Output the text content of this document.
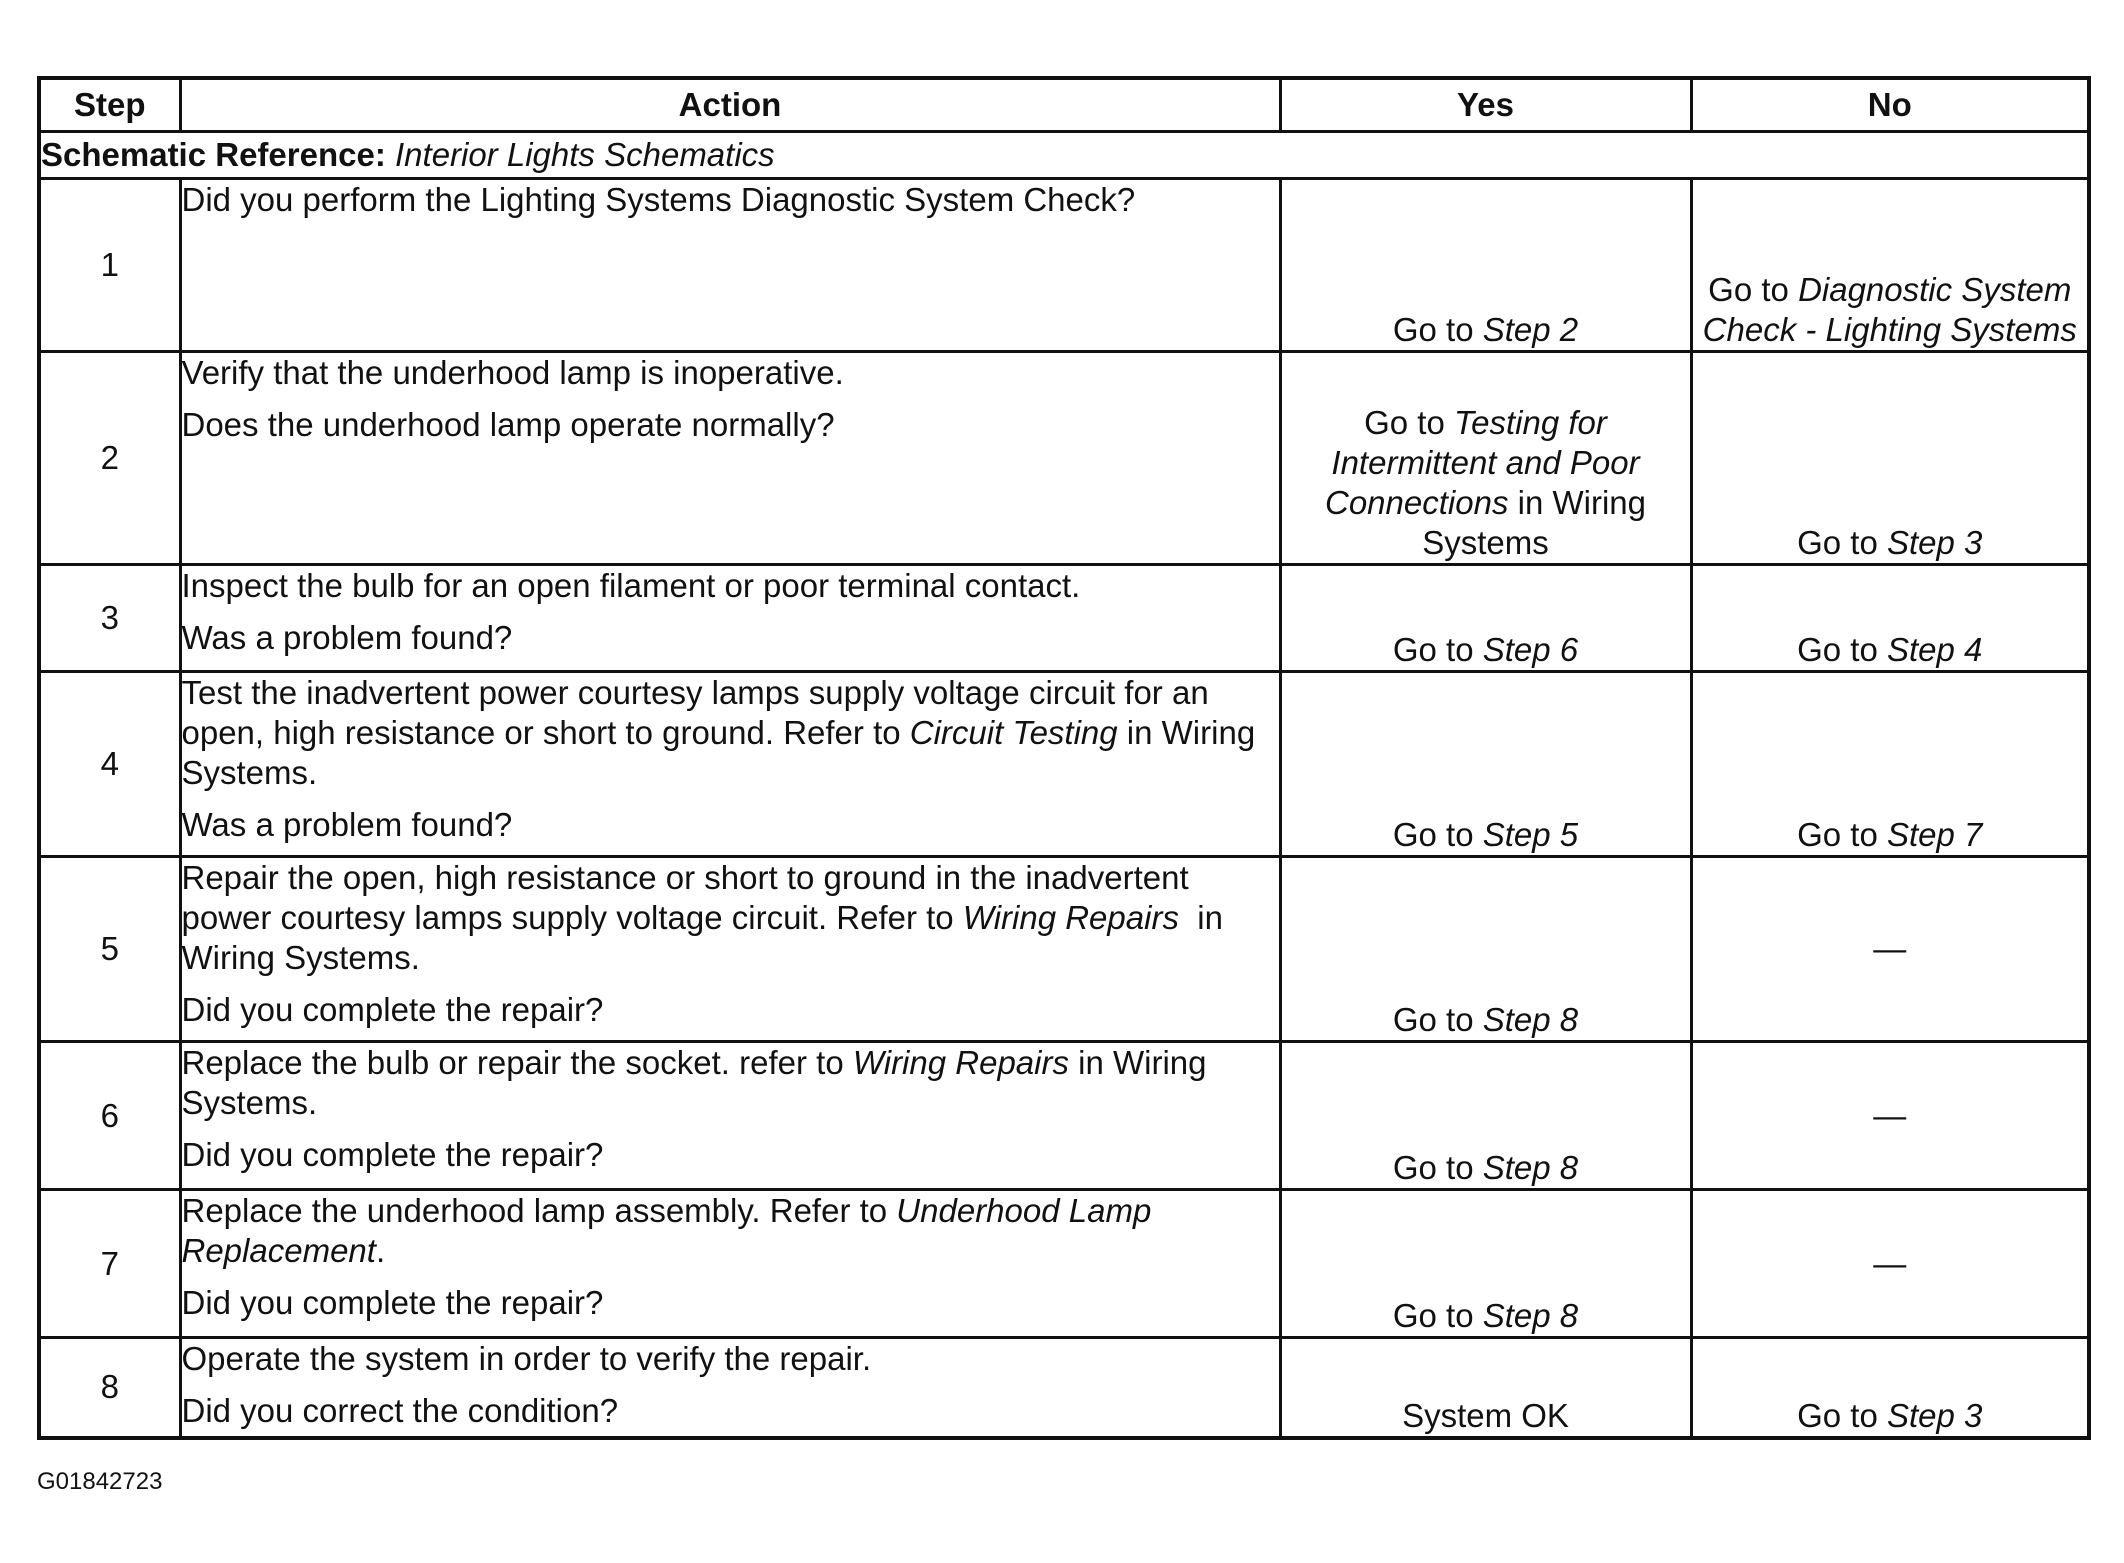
Step	Action	Yes	No
Schematic Reference: Interior Lights Schematics			
1	Did you perform the Lighting Systems Diagnostic System Check?	Go to Step 2	Go to Diagnostic System Check - Lighting Systems
2	Verify that the underhood lamp is inoperative.

Does the underhood lamp operate normally?	Go to Testing for Intermittent and Poor Connections in Wiring Systems	Go to Step 3
3	Inspect the bulb for an open filament or poor terminal contact.

Was a problem found?	Go to Step 6	Go to Step 4
4	Test the inadvertent power courtesy lamps supply voltage circuit for an open, high resistance or short to ground. Refer to Circuit Testing in Wiring Systems.

Was a problem found?	Go to Step 5	Go to Step 7
5	Repair the open, high resistance or short to ground in the inadvertent power courtesy lamps supply voltage circuit. Refer to Wiring Repairs  in Wiring Systems.

Did you complete the repair?	Go to Step 8	—
6	Replace the bulb or repair the socket. refer to Wiring Repairs in Wiring Systems.

Did you complete the repair?	Go to Step 8	—
7	Replace the underhood lamp assembly. Refer to Underhood Lamp Replacement.

Did you complete the repair?	Go to Step 8	—
8	Operate the system in order to verify the repair.

Did you correct the condition?	System OK	Go to Step 3
G01842723
